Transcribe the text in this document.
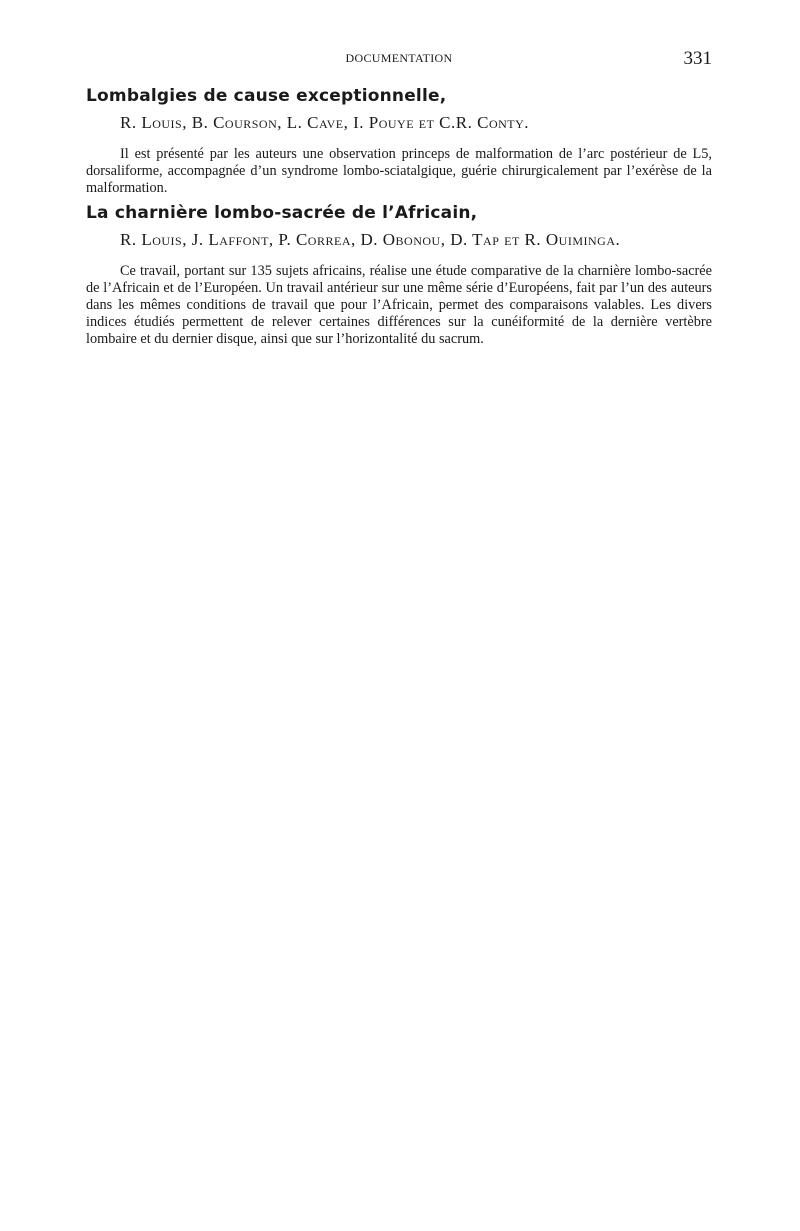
DOCUMENTATION	331
Lombalgies de cause exceptionnelle,
R. Louis, B. Courson, L. Cave, I. Pouye et C.R. Conty.

Il est présenté par les auteurs une observation princeps de malformation de l’arc postérieur de L5, dorsaliforme, accompagnée d’un syndrome lombo-sciatalgique, guérie chirurgicalement par l’exérèse de la malformation.

La charnière lombo-sacrée de l’Africain,
R. Louis, J. Laffont, P. Correa, D. Obonou, D. Tap et R. Ouiminga.

Ce travail, portant sur 135 sujets africains, réalise une étude comparative de la charnière lombo-sacrée de l’Africain et de l’Européen. Un travail antérieur sur une même série d’Européens, fait par l’un des auteurs dans les mêmes conditions de travail que pour l’Africain, permet des comparaisons valables. Les divers indices étudiés permettent de relever certaines différences sur la cunéiformité de la dernière vertèbre lombaire et du dernier disque, ainsi que sur l’horizontalité du sacrum.
